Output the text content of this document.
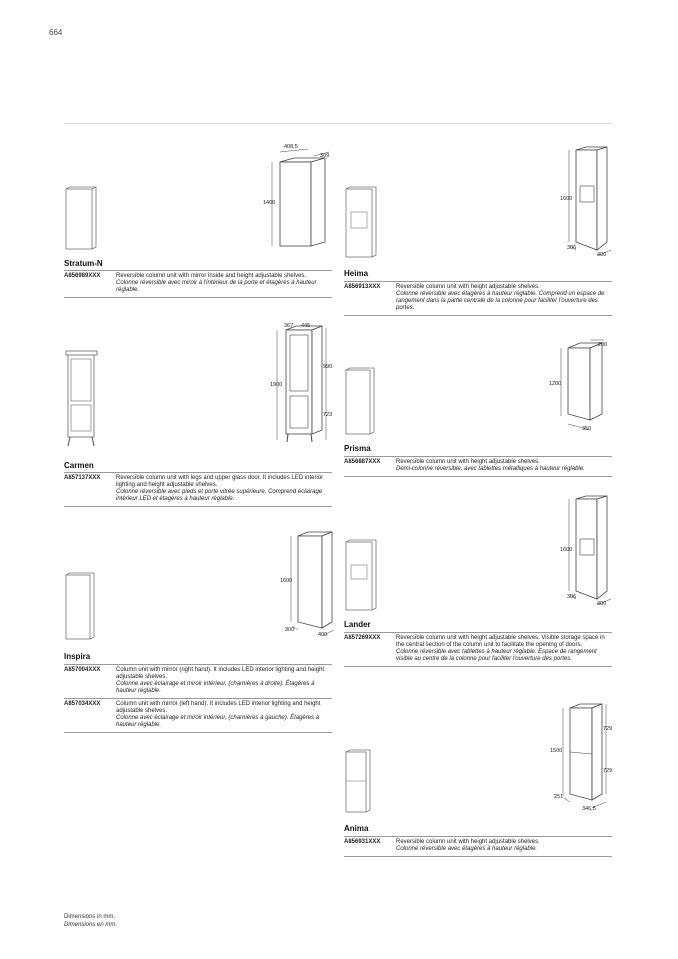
664
408,5
309
1400
Stratum-N
A856989XXX	Reversible column unit with mirror inside and height adjustable shelves.
Colonne réversible avec miroir à l'intérieur de la porte et étagères à hauteur réglable.
1600
306
400
Heima
A856913XXX	Reversible column unit with height adjustable shelves.
Colonne réversible avec étagères à hauteur réglable. Comprend un espace de rangement dans la partie centrale de la colonne pour faciliter l'ouverture des portes.
367 445
1900
990
723
Carmen
A857137XXX	Reversible column unit with legs and upper glass door. It includes LED interior lighting and height adjustable shelves.
Colonne réversible avec pieds et porte vitrée supérieure. Comprend éclairage intérieur LED et étagères à hauteur réglable.
200
1200
350
Prisma
A856887XXX	Reversible column unit with height adjustable shelves.
Demi-colonne réversible, avec tablettes métalliques à hauteur réglable.
1600
300
400
Inspira
A857004XXX	Column unit with mirror (right hand). It includes LED interior lighting and height adjustable shelves.
Colonne avec éclairage et miroir intérieur, (charnières à droite). Étagères à hauteur réglable.
A857034XXX	Column unit with mirror (left hand). It includes LED interior lighting and height adjustable shelves.
Colonne avec éclairage et miroir intérieur, (charnières à gauche). Étagères à hauteur réglable.
1600
306
400
Lander
A857269XXX	Reversible column unit with height adjustable shelves. Visible storage space in the central section of the column unit to facilitate the opening of doors.
Colonne réversible avec tablettes à hauteur réglable. Espace de rangement visible au centre de la colonne pour faciliter l'ouverture des portes.
729
1500
729
251
346,5
Anima
A856931XXX	Reversible column unit with height adjustable shelves.
Colonne réversible avec étagères à hauteur réglable.
Dimensions in mm.
Dimensions en mm.
